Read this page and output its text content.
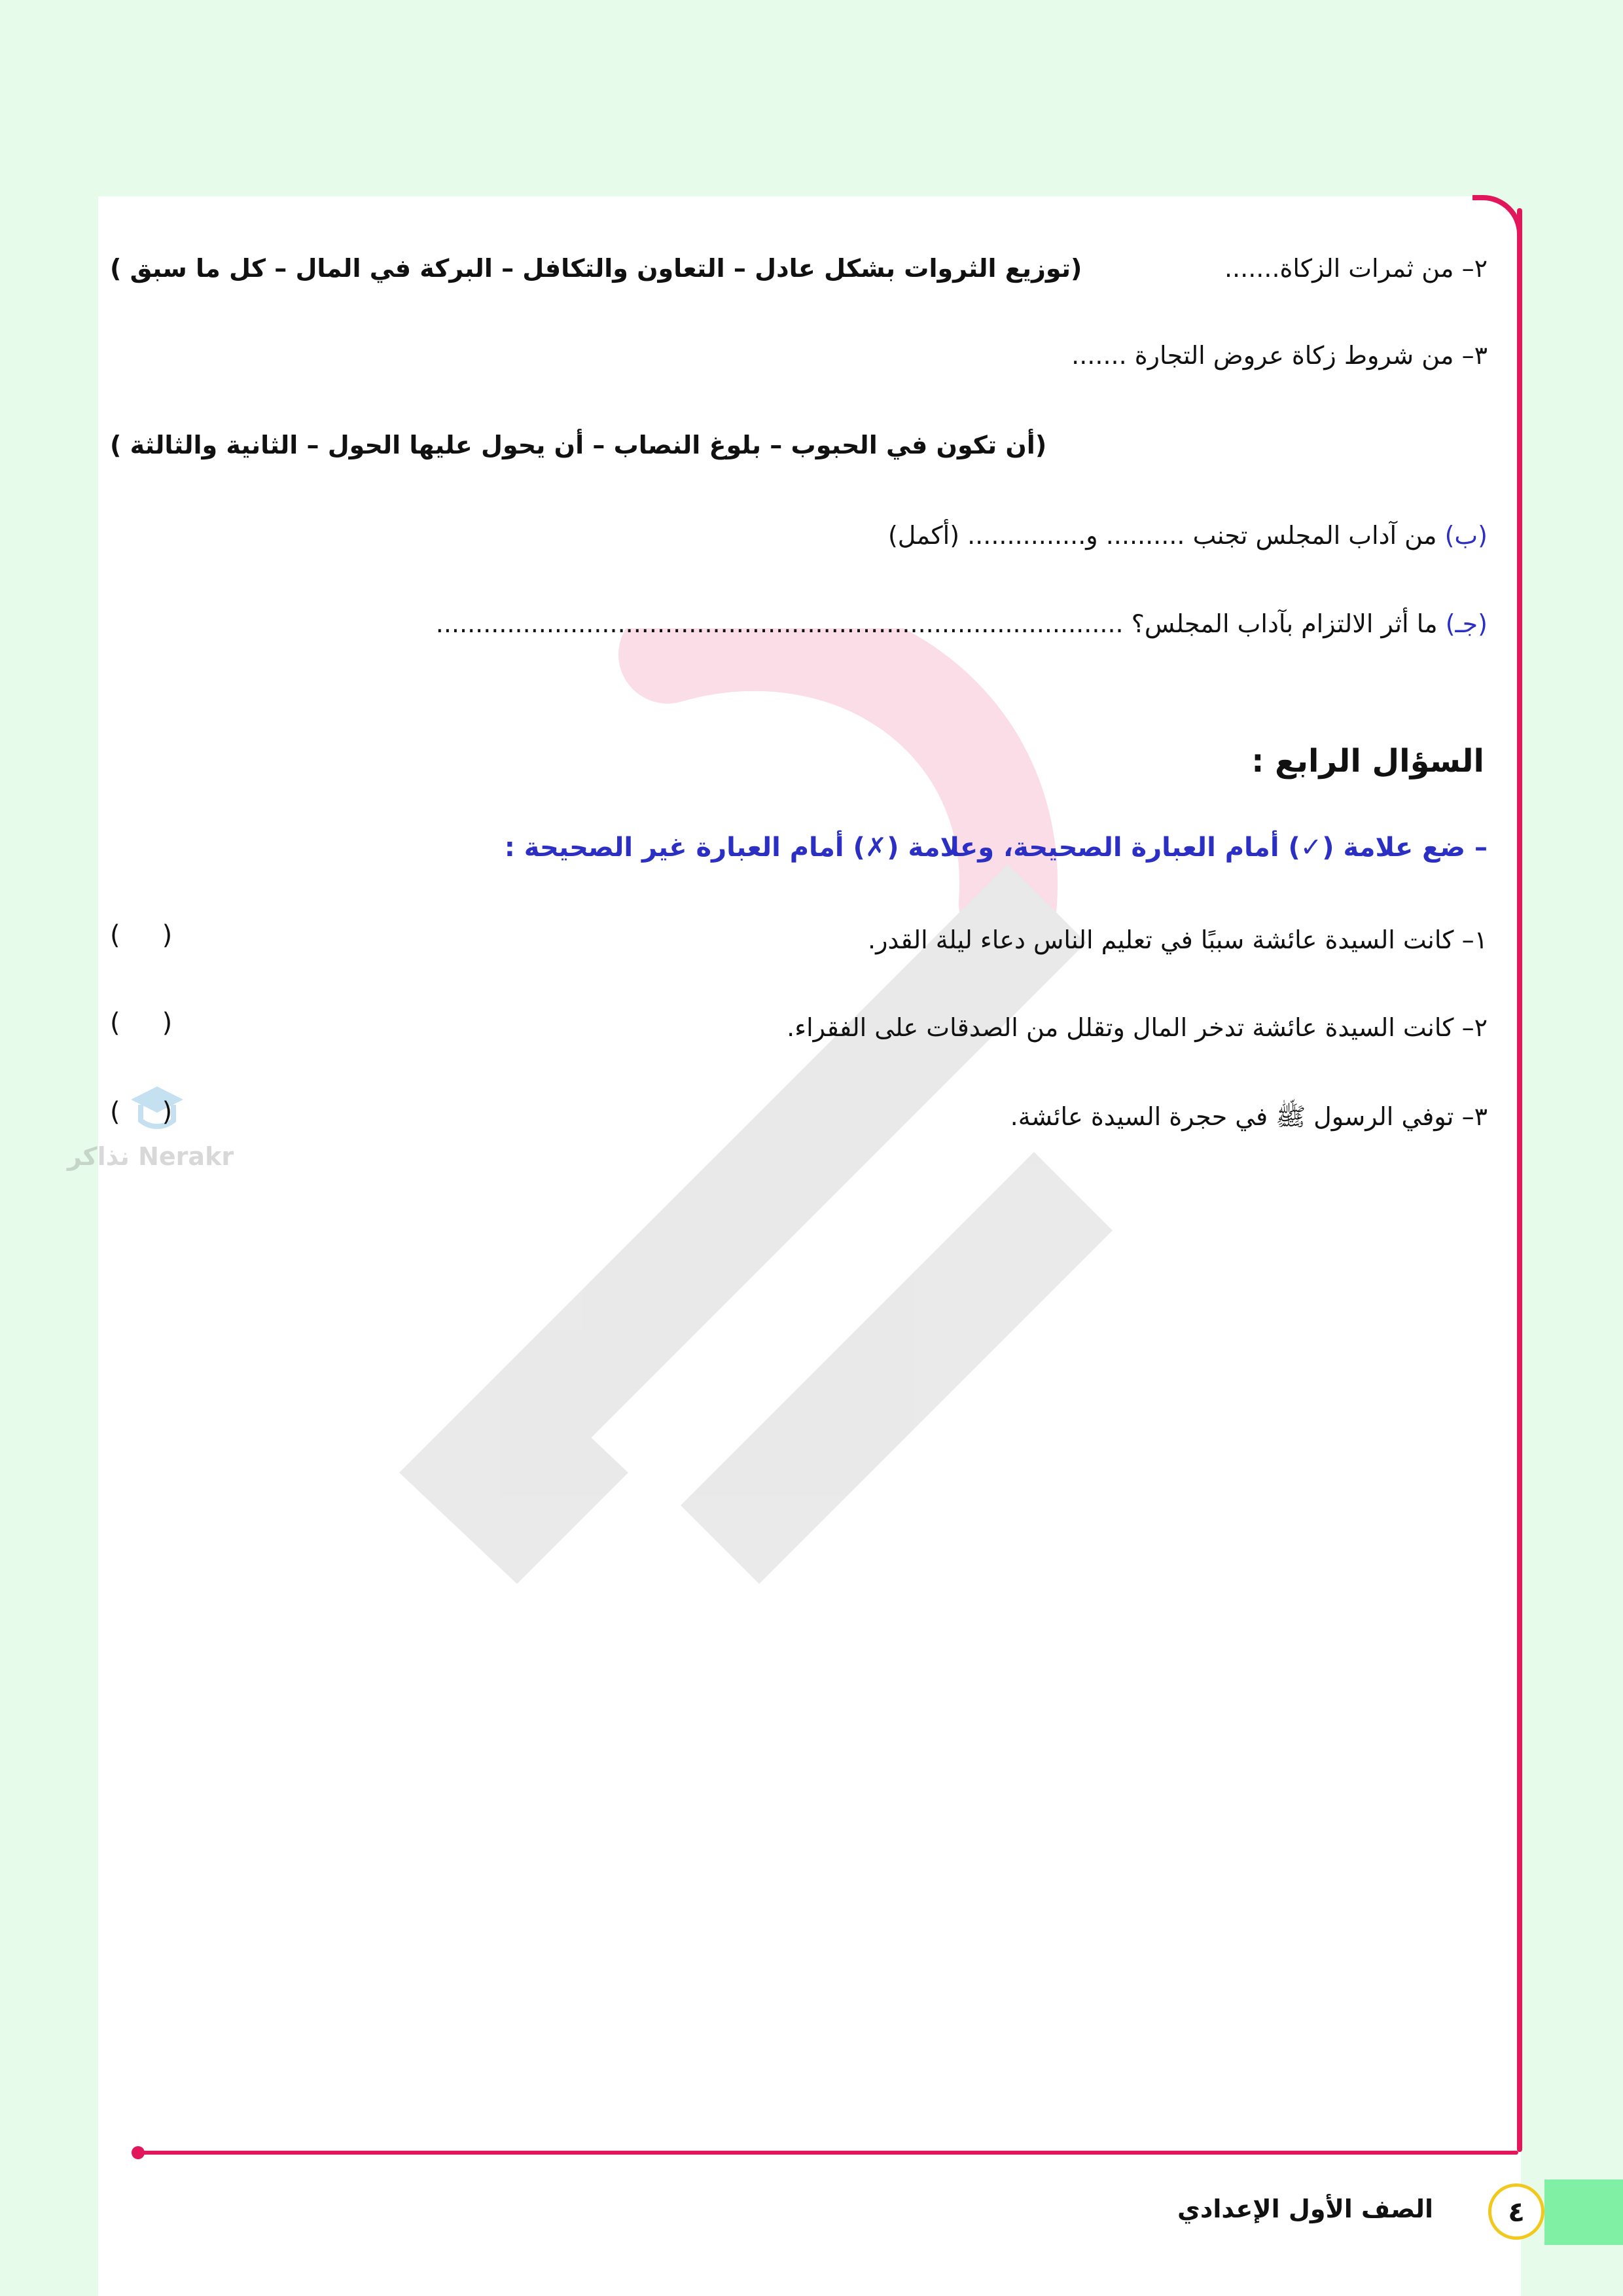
Nerakr نذاكر
٢– من ثمرات الزكاة.......
(توزيع الثروات بشكل عادل – التعاون والتكافل – البركة في المال – كل ما سبق )
٣– من شروط زكاة عروض التجارة .......
(أن تكون في الحبوب – بلوغ النصاب – أن يحول عليها الحول – الثانية والثالثة )
(ب) من آداب المجلس تجنب .......... و............... (أكمل)
(جـ) ما أثر الالتزام بآداب المجلس؟ .......................................................................................
السؤال الرابع :
– ضع علامة (✓) أمام العبارة الصحيحة، وعلامة (✗) أمام العبارة غير الصحيحة :
١– كانت السيدة عائشة سببًا في تعليم الناس دعاء ليلة القدر.
( )
٢– كانت السيدة عائشة تدخر المال وتقلل من الصدقات على الفقراء.
( )
٣– توفي الرسول ﷺ في حجرة السيدة عائشة.
( )
٤
الصف الأول الإعدادي
